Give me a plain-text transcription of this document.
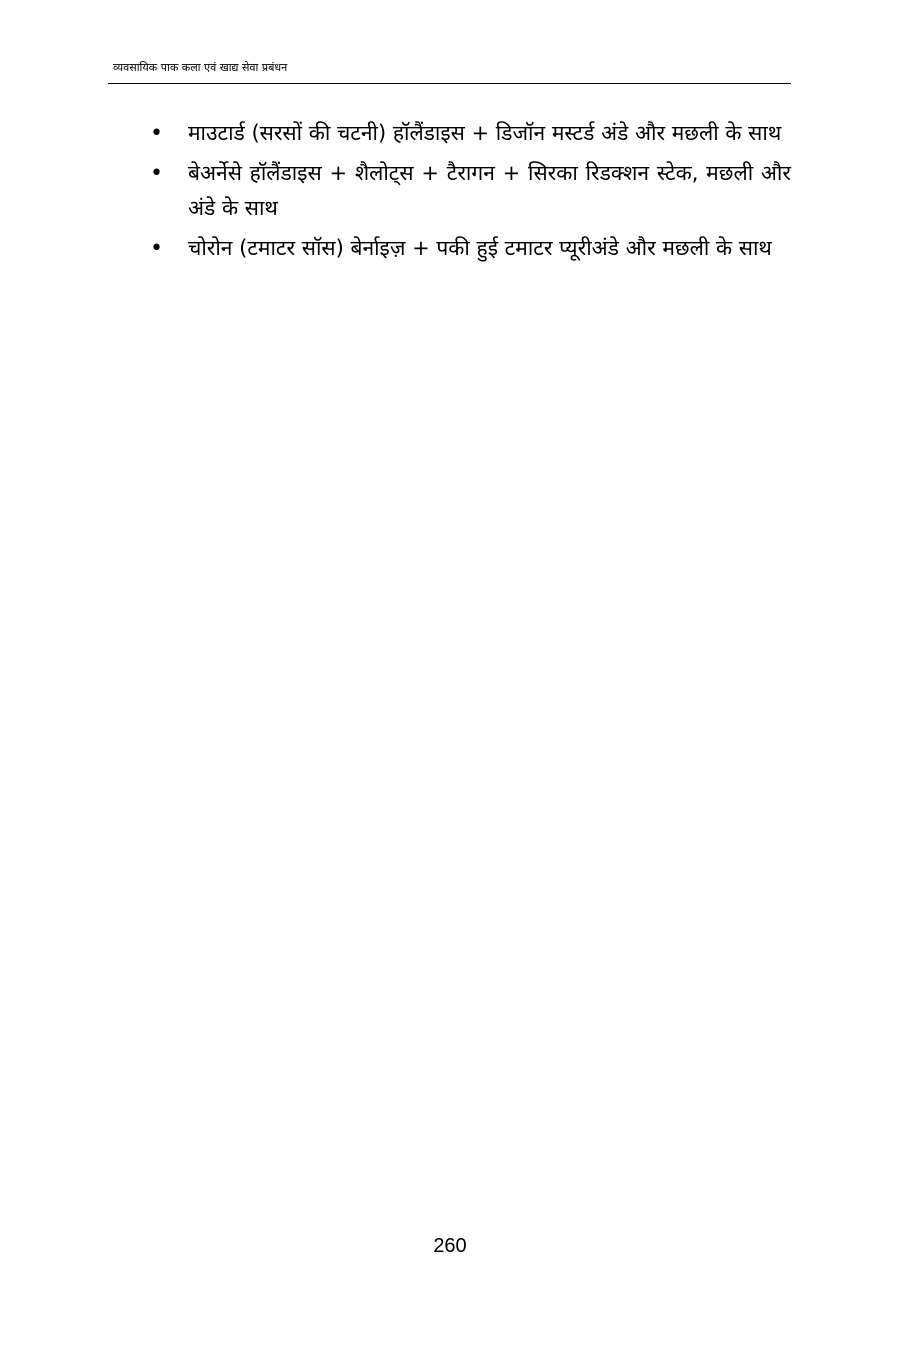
व्यवसायिक पाक कला एवं खाद्य सेवा प्रबंधन
• माउटार्ड (सरसों की चटनी) हॉलैंडाइस + डिजॉन मस्टर्ड अंडे और मछली के साथ
• बेअर्नेसे हॉलैंडाइस + शैलोट्स + टैरागन + सिरका रिडक्शन स्टेक, मछली और अंडे के साथ
• चोरोन (टमाटर सॉस) बेर्नाइज़ + पकी हुई टमाटर प्यूरीअंडे और मछली के साथ
260
